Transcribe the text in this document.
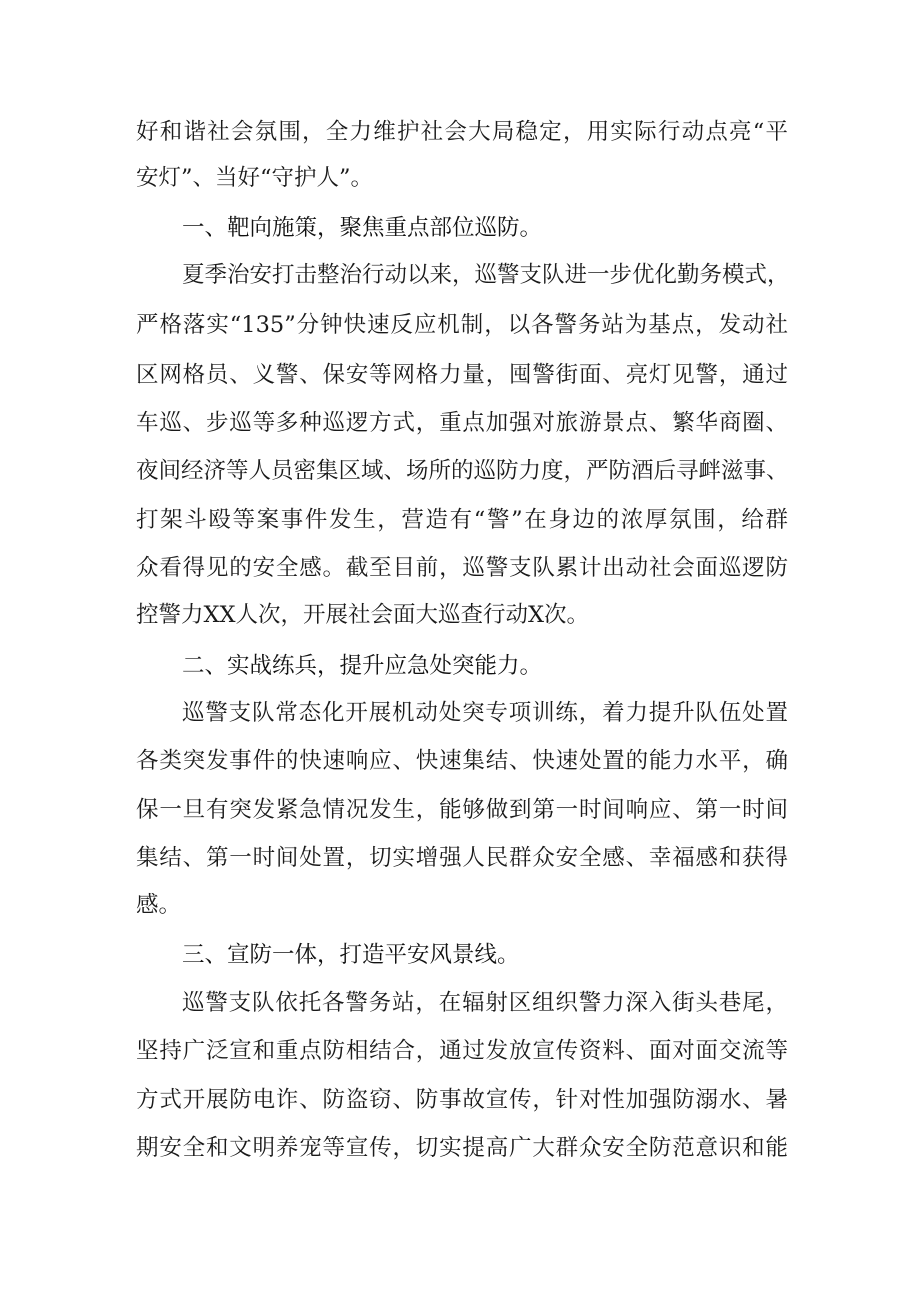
好和谐社会氛围，全力维护社会大局稳定，用实际行动点亮“平
安灯”、当好“守护人”。
一、靶向施策，聚焦重点部位巡防。
夏季治安打击整治行动以来，巡警支队进一步优化勤务模式，
严格落实“135”分钟快速反应机制，以各警务站为基点，发动社
区网格员、义警、保安等网格力量，囤警街面、亮灯见警，通过
车巡、步巡等多种巡逻方式，重点加强对旅游景点、繁华商圈、
夜间经济等人员密集区域、场所的巡防力度，严防酒后寻衅滋事、
打架斗殴等案事件发生，营造有“警”在身边的浓厚氛围，给群
众看得见的安全感。截至目前，巡警支队累计出动社会面巡逻防
控警力XX人次，开展社会面大巡查行动X次。
二、实战练兵，提升应急处突能力。
巡警支队常态化开展机动处突专项训练，着力提升队伍处置
各类突发事件的快速响应、快速集结、快速处置的能力水平，确
保一旦有突发紧急情况发生，能够做到第一时间响应、第一时间
集结、第一时间处置，切实增强人民群众安全感、幸福感和获得
感。
三、宣防一体，打造平安风景线。
巡警支队依托各警务站，在辐射区组织警力深入街头巷尾，
坚持广泛宣和重点防相结合，通过发放宣传资料、面对面交流等
方式开展防电诈、防盗窃、防事故宣传，针对性加强防溺水、暑
期安全和文明养宠等宣传，切实提高广大群众安全防范意识和能
